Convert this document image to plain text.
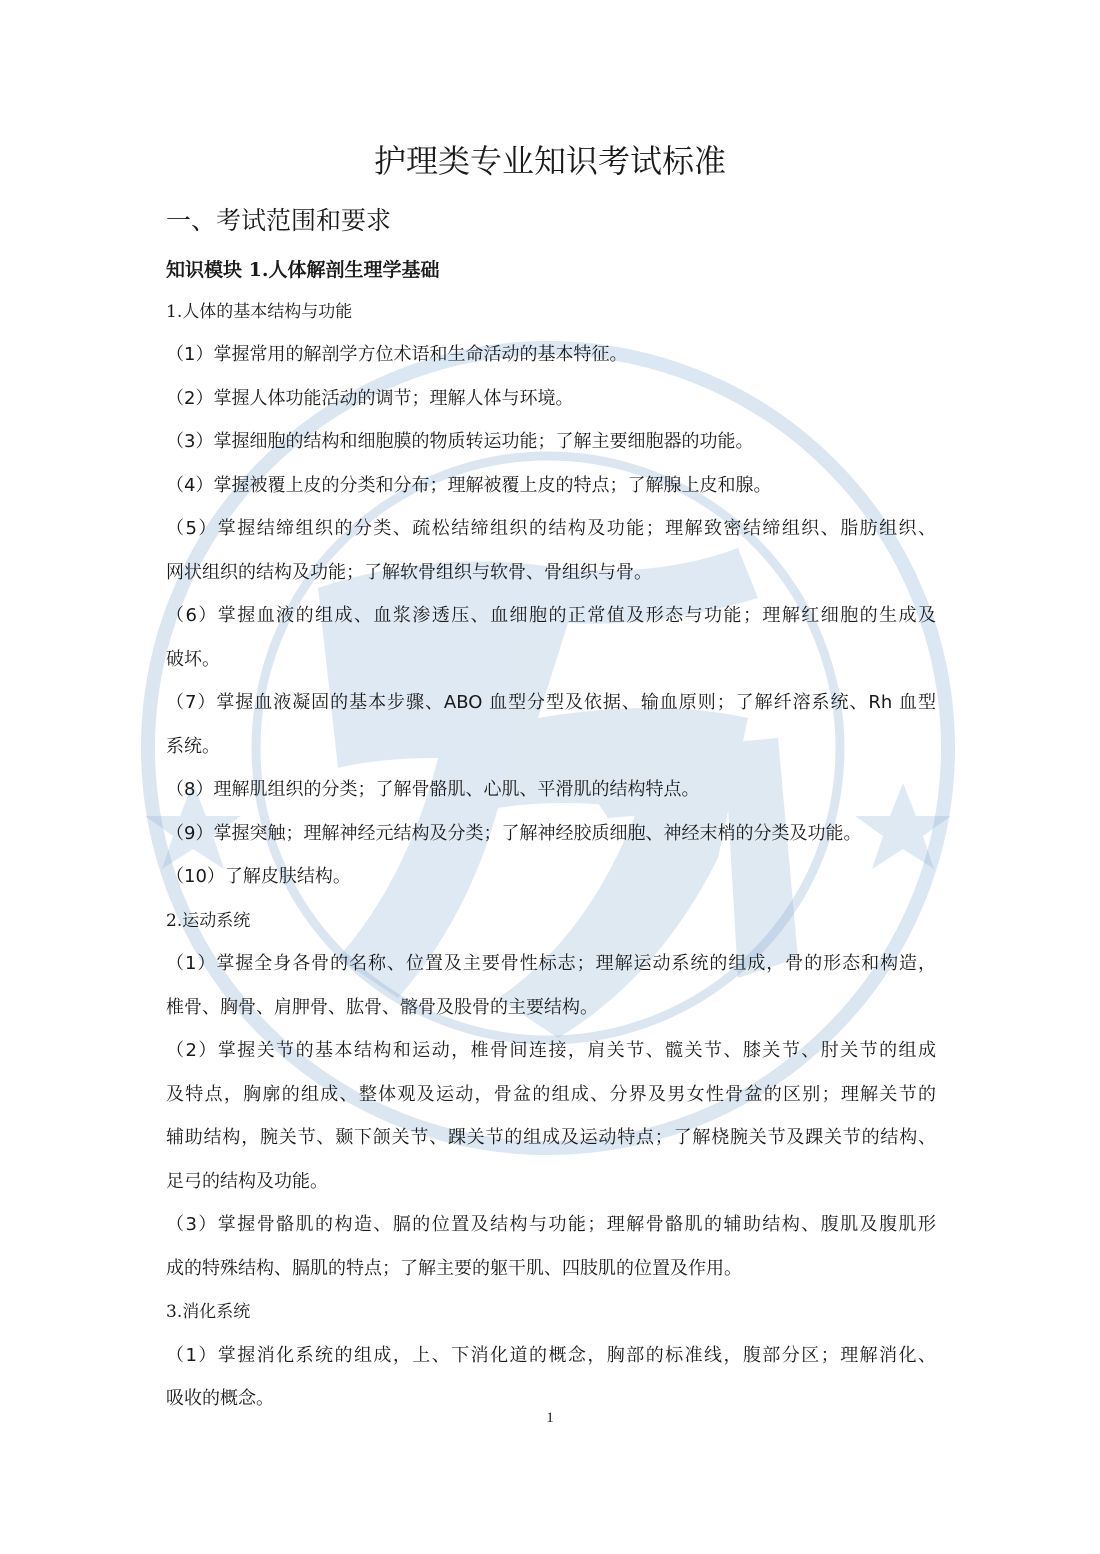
护理类专业知识考试标准
一、考试范围和要求
知识模块 1.人体解剖生理学基础
1.人体的基本结构与功能
（1）掌握常用的解剖学方位术语和生命活动的基本特征。
（2）掌握人体功能活动的调节；理解人体与环境。
（3）掌握细胞的结构和细胞膜的物质转运功能；了解主要细胞器的功能。
（4）掌握被覆上皮的分类和分布；理解被覆上皮的特点；了解腺上皮和腺。
（5）掌握结缔组织的分类、疏松结缔组织的结构及功能；理解致密结缔组织、脂肪组织、
网状组织的结构及功能；了解软骨组织与软骨、骨组织与骨。
（6）掌握血液的组成、血浆渗透压、血细胞的正常值及形态与功能；理解红细胞的生成及
破坏。
（7）掌握血液凝固的基本步骤、ABO 血型分型及依据、输血原则；了解纤溶系统、Rh 血型
系统。
（8）理解肌组织的分类；了解骨骼肌、心肌、平滑肌的结构特点。
（9）掌握突触；理解神经元结构及分类；了解神经胶质细胞、神经末梢的分类及功能。
（10）了解皮肤结构。
2.运动系统
（1）掌握全身各骨的名称、位置及主要骨性标志；理解运动系统的组成，骨的形态和构造，
椎骨、胸骨、肩胛骨、肱骨、髂骨及股骨的主要结构。
（2）掌握关节的基本结构和运动，椎骨间连接，肩关节、髋关节、膝关节、肘关节的组成
及特点，胸廓的组成、整体观及运动，骨盆的组成、分界及男女性骨盆的区别；理解关节的
辅助结构，腕关节、颞下颌关节、踝关节的组成及运动特点；了解桡腕关节及踝关节的结构、
足弓的结构及功能。
（3）掌握骨骼肌的构造、膈的位置及结构与功能；理解骨骼肌的辅助结构、腹肌及腹肌形
成的特殊结构、膈肌的特点；了解主要的躯干肌、四肢肌的位置及作用。
3.消化系统
（1）掌握消化系统的组成，上、下消化道的概念，胸部的标准线，腹部分区；理解消化、
吸收的概念。
1
